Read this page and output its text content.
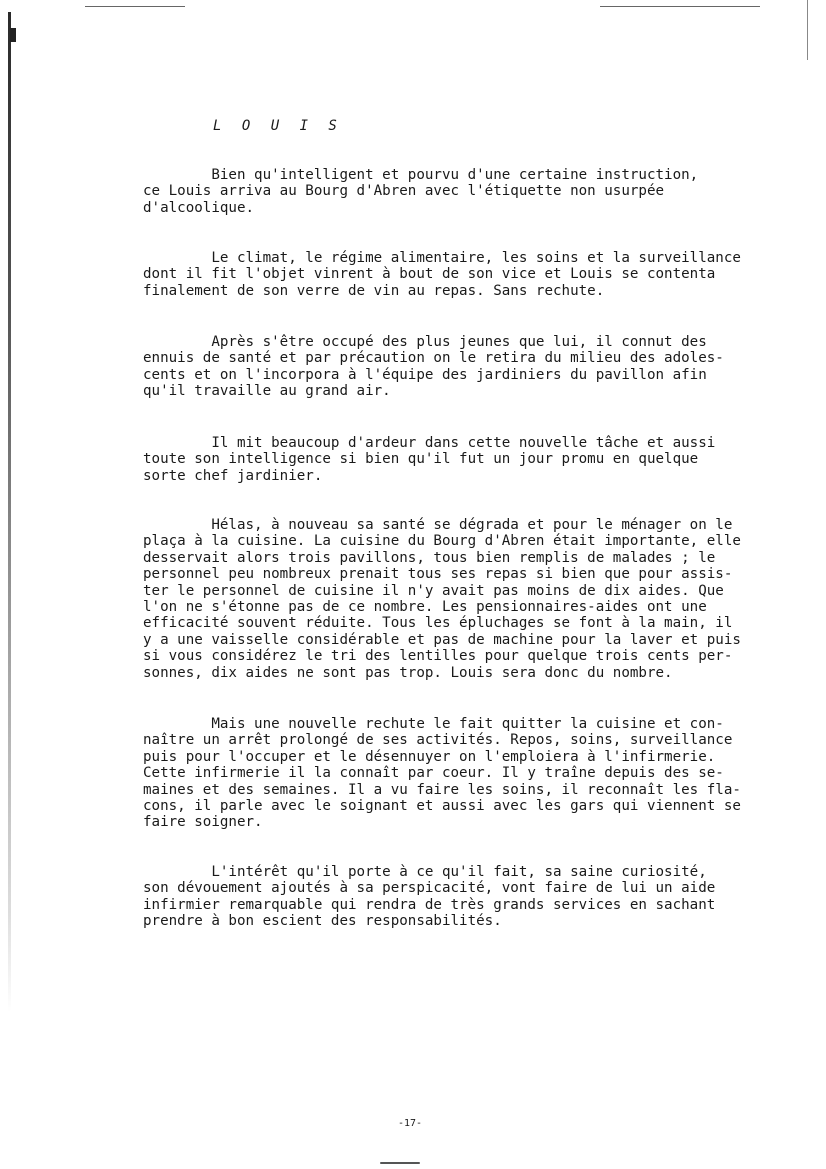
L O U I S

Bien qu'intelligent et pourvu d'une certaine instruction,
ce Louis arriva au Bourg d'Abren avec l'étiquette non usurpée
d'alcoolique.

Le climat, le régime alimentaire, les soins et la surveillance
dont il fit l'objet vinrent à bout de son vice et Louis se contenta
finalement de son verre de vin au repas. Sans rechute.

Après s'être occupé des plus jeunes que lui, il connut des
ennuis de santé et par précaution on le retira du milieu des adoles-
cents et on l'incorpora à l'équipe des jardiniers du pavillon afin
qu'il travaille au grand air.

Il mit beaucoup d'ardeur dans cette nouvelle tâche et aussi
toute son intelligence si bien qu'il fut un jour promu en quelque
sorte chef jardinier.

Hélas, à nouveau sa santé se dégrada et pour le ménager on le
plaça à la cuisine. La cuisine du Bourg d'Abren était importante, elle
desservait alors trois pavillons, tous bien remplis de malades ; le
personnel peu nombreux prenait tous ses repas si bien que pour assis-
ter le personnel de cuisine il n'y avait pas moins de dix aides. Que
l'on ne s'étonne pas de ce nombre. Les pensionnaires-aides ont une
efficacité souvent réduite. Tous les épluchages se font à la main, il
y a une vaisselle considérable et pas de machine pour la laver et puis
si vous considérez le tri des lentilles pour quelque trois cents per-
sonnes, dix aides ne sont pas trop. Louis sera donc du nombre.

Mais une nouvelle rechute le fait quitter la cuisine et con-
naître un arrêt prolongé de ses activités. Repos, soins, surveillance
puis pour l'occuper et le désennuyer on l'emploiera à l'infirmerie.
Cette infirmerie il la connaît par coeur. Il y traîne depuis des se-
maines et des semaines. Il a vu faire les soins, il reconnaît les fla-
cons, il parle avec le soignant et aussi avec les gars qui viennent se
faire soigner.

L'intérêt qu'il porte à ce qu'il fait, sa saine curiosité,
son dévouement ajoutés à sa perspicacité, vont faire de lui un aide
infirmier remarquable qui rendra de très grands services en sachant
prendre à bon escient des responsabilités.

-17-
